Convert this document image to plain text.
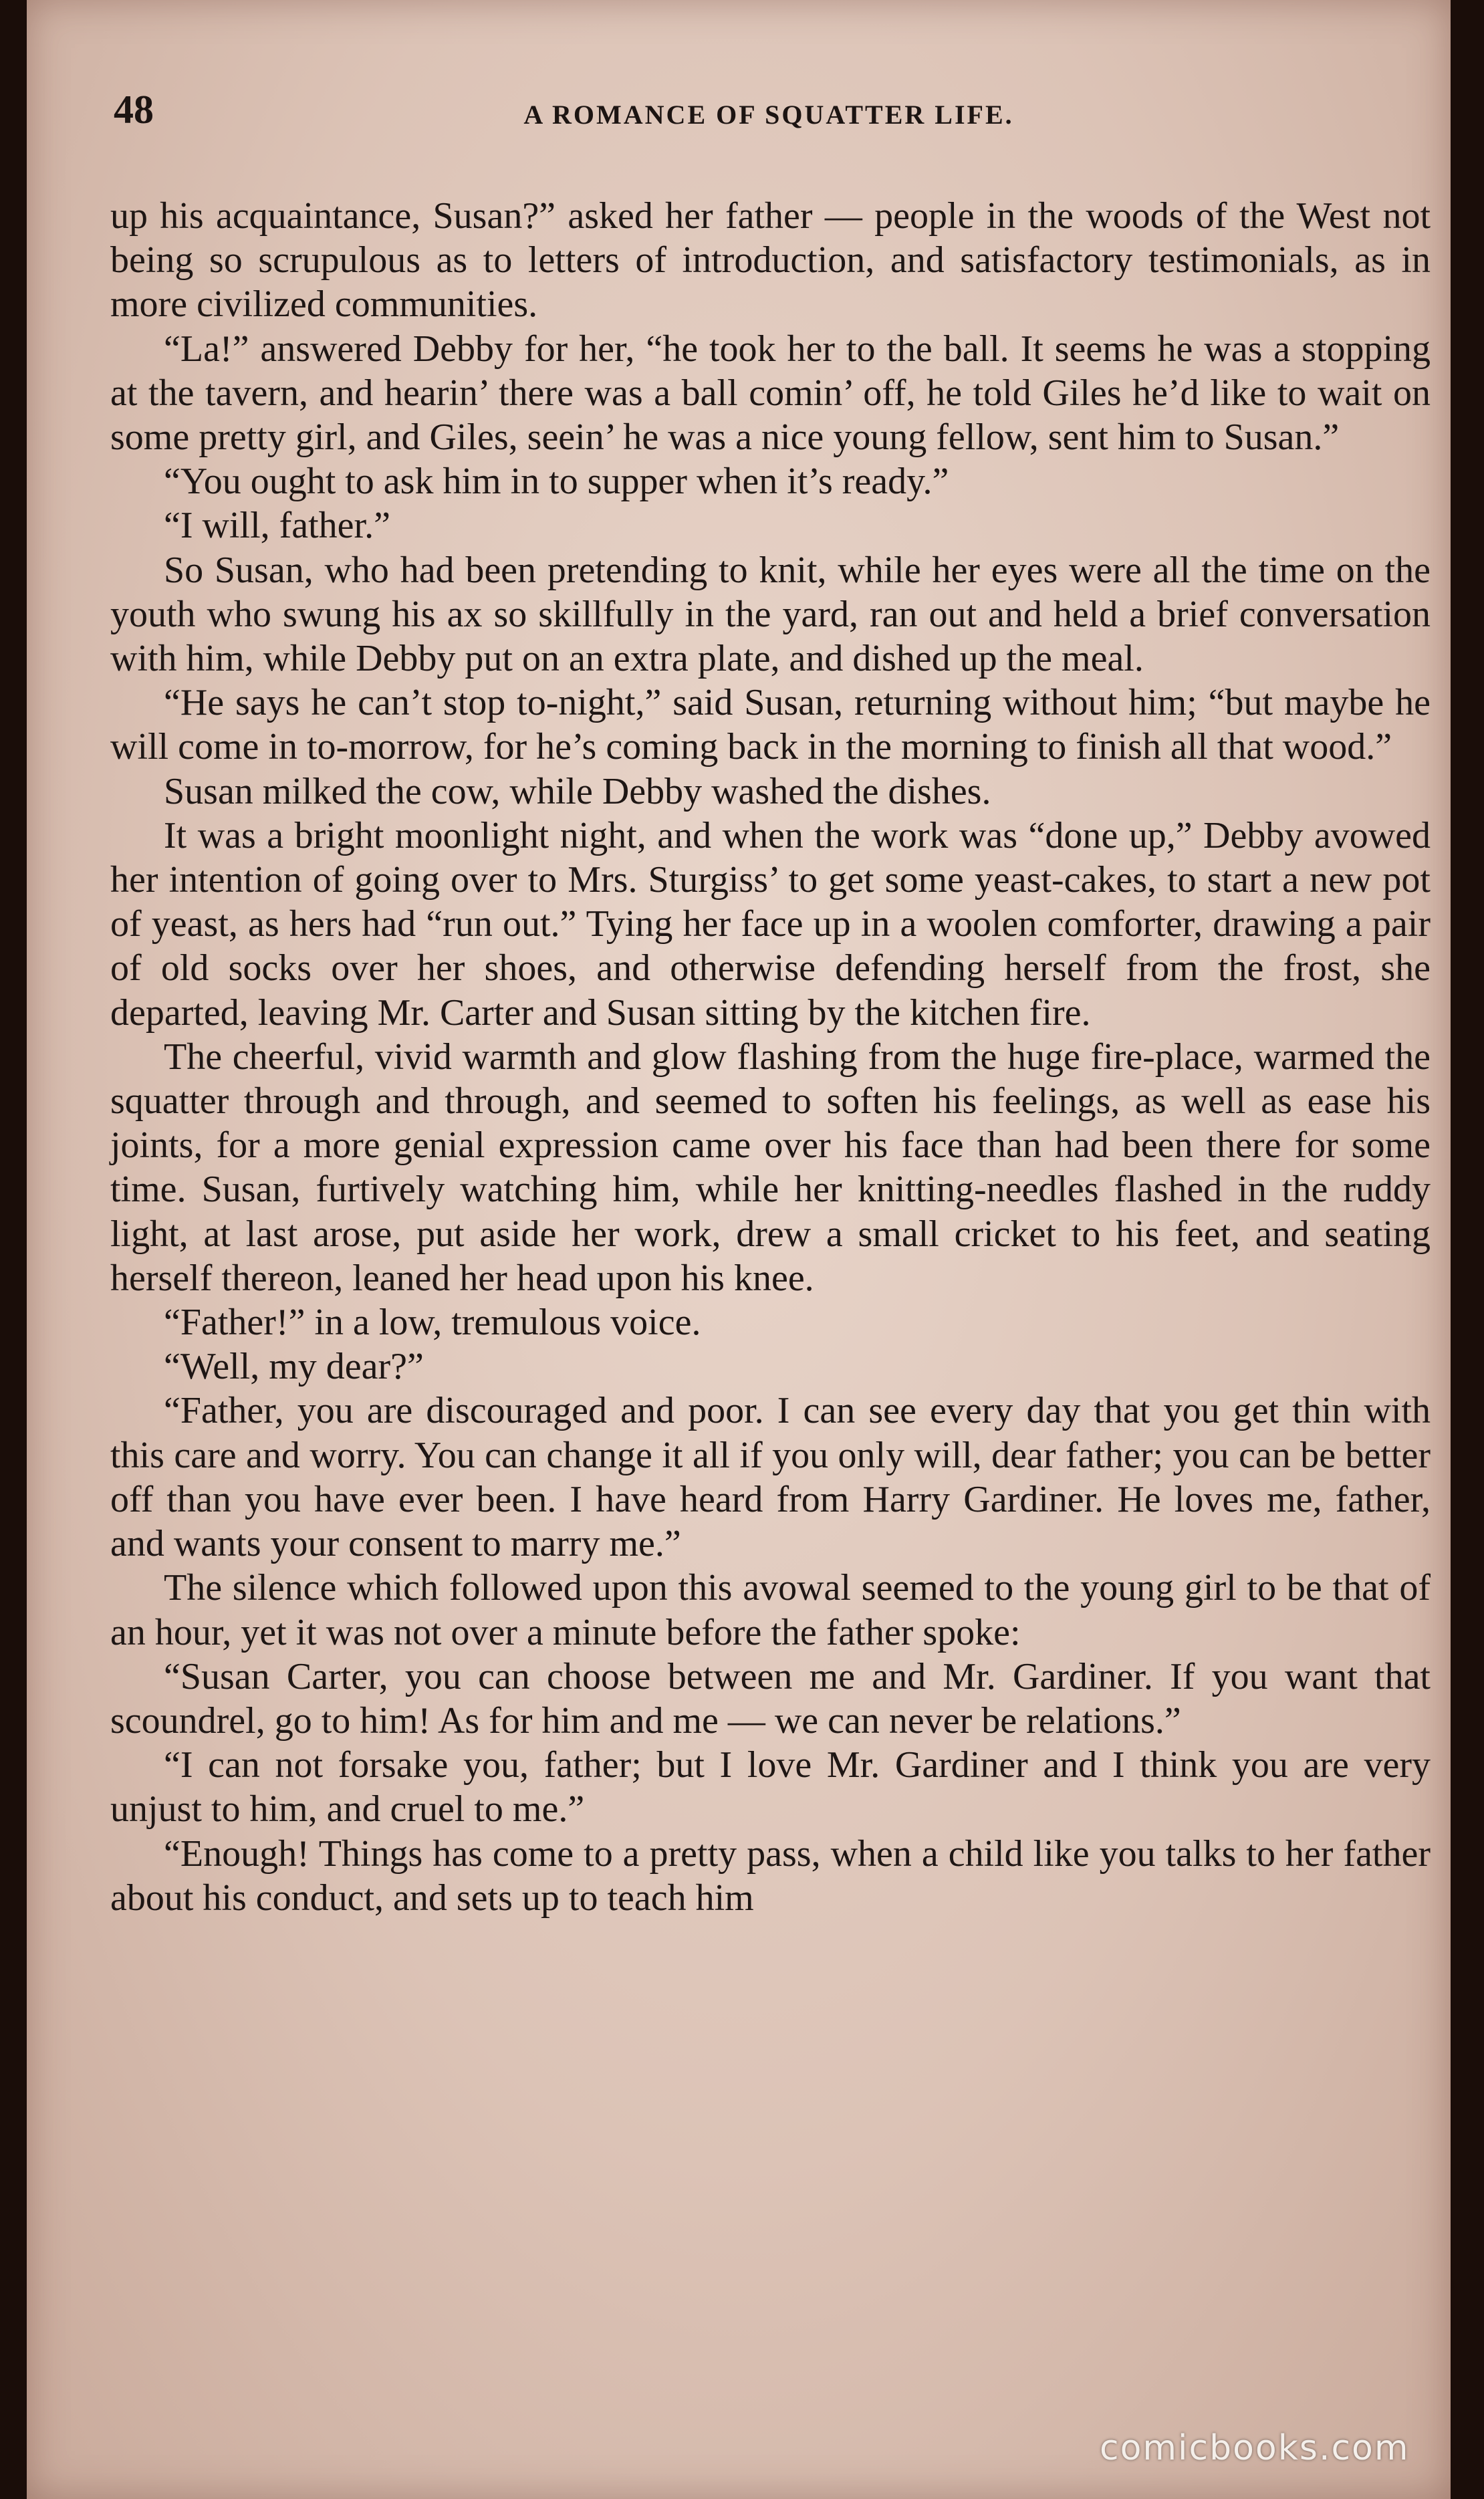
48	A ROMANCE OF SQUATTER LIFE.

up his acquaintance, Susan?” asked her father — people in the woods of the West not being so scrupulous as to letters of introduction, and satisfactory testimonials, as in more civilized communities.

“La!” answered Debby for her, “he took her to the ball. It seems he was a stopping at the tavern, and hearin’ there was a ball comin’ off, he told Giles he’d like to wait on some pretty girl, and Giles, seein’ he was a nice young fellow, sent him to Susan.”

“You ought to ask him in to supper when it’s ready.”

“I will, father.”

So Susan, who had been pretending to knit, while her eyes were all the time on the youth who swung his ax so skillfully in the yard, ran out and held a brief conversation with him, while Debby put on an extra plate, and dished up the meal.

“He says he can’t stop to-night,” said Susan, returning without him; “but maybe he will come in to-morrow, for he’s coming back in the morning to finish all that wood.”

Susan milked the cow, while Debby washed the dishes.

It was a bright moonlight night, and when the work was “done up,” Debby avowed her intention of going over to Mrs. Sturgiss’ to get some yeast-cakes, to start a new pot of yeast, as hers had “run out.” Tying her face up in a woolen comforter, drawing a pair of old socks over her shoes, and otherwise defending herself from the frost, she departed, leaving Mr. Carter and Susan sitting by the kitchen fire.

The cheerful, vivid warmth and glow flashing from the huge fire-place, warmed the squatter through and through, and seemed to soften his feelings, as well as ease his joints, for a more genial expression came over his face than had been there for some time. Susan, furtively watching him, while her knitting-needles flashed in the ruddy light, at last arose, put aside her work, drew a small cricket to his feet, and seating herself thereon, leaned her head upon his knee.

“Father!” in a low, tremulous voice.

“Well, my dear?”

“Father, you are discouraged and poor. I can see every day that you get thin with this care and worry. You can change it all if you only will, dear father; you can be better off than you have ever been. I have heard from Harry Gardiner. He loves me, father, and wants your consent to marry me.”

The silence which followed upon this avowal seemed to the young girl to be that of an hour, yet it was not over a minute before the father spoke:

“Susan Carter, you can choose between me and Mr. Gardiner. If you want that scoundrel, go to him! As for him and me — we can never be relations.”

“I can not forsake you, father; but I love Mr. Gardiner and I think you are very unjust to him, and cruel to me.”

“Enough! Things has come to a pretty pass, when a child like you talks to her father about his conduct, and sets up to teach him

comicbooks.com
